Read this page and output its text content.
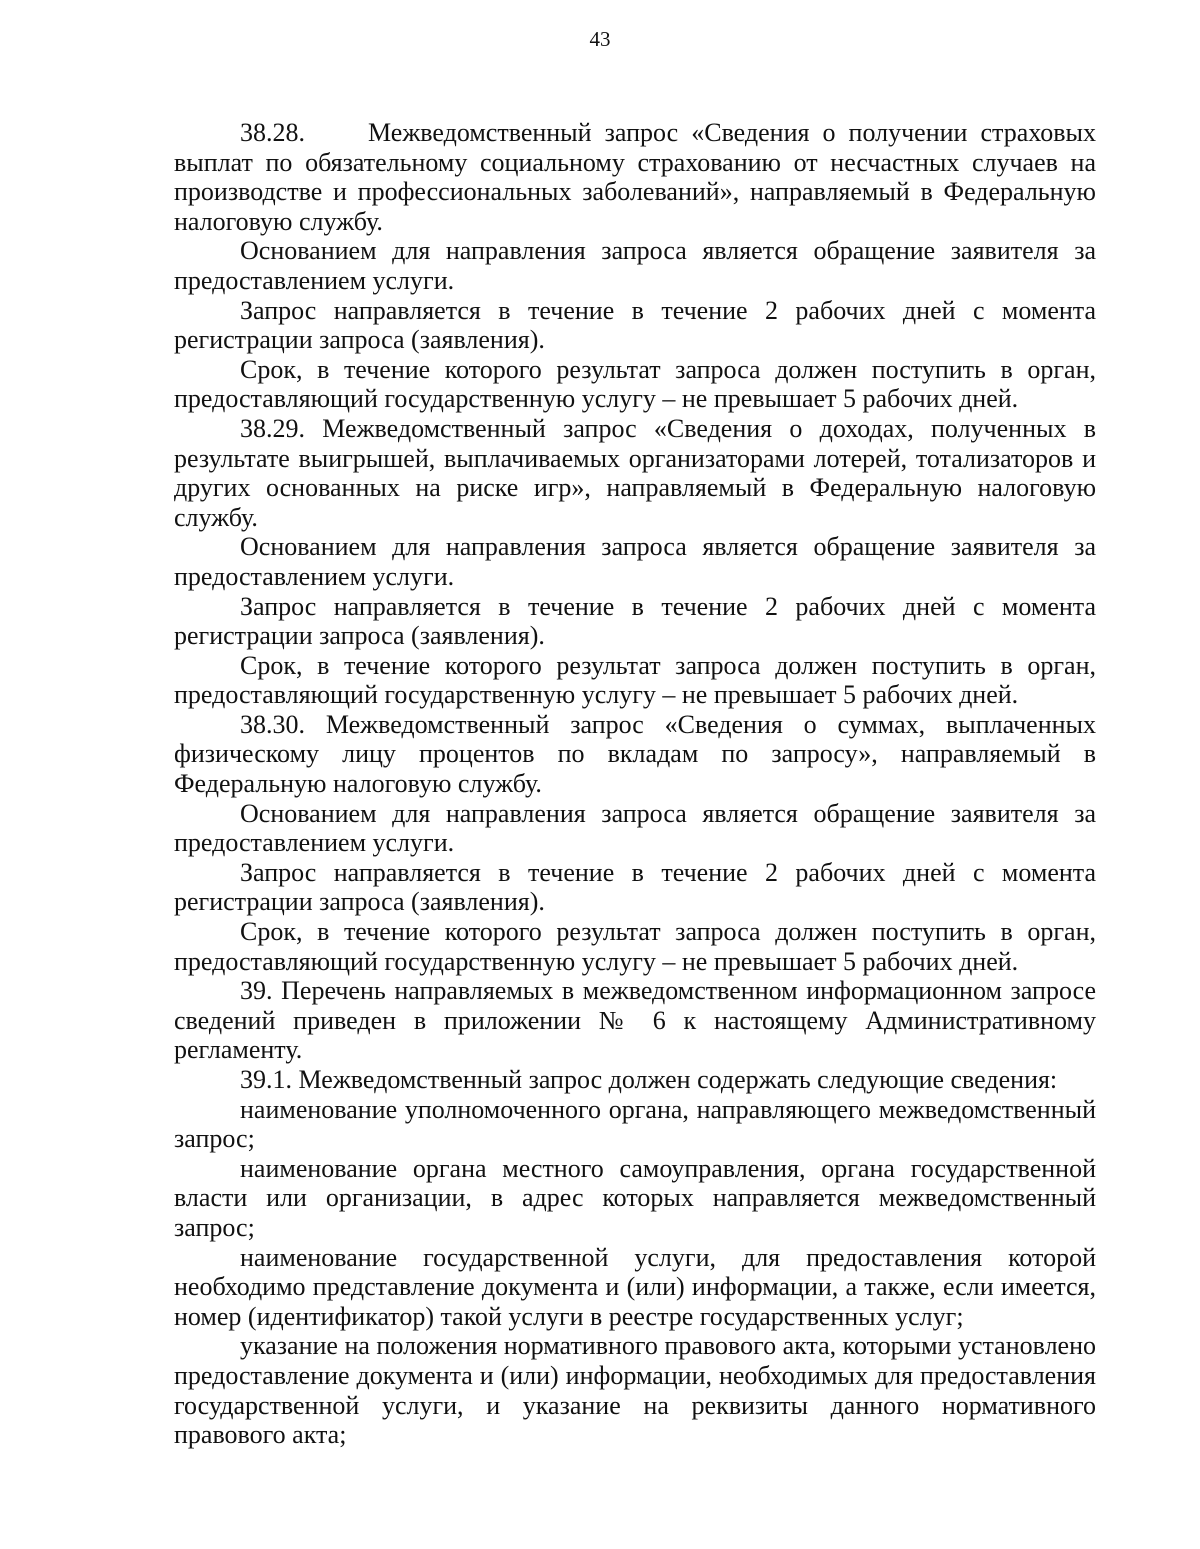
43

38.28. Межведомственный запрос «Сведения о получении страховых выплат по обязательному социальному страхованию от несчастных случаев на производстве и профессиональных заболеваний», направляемый в Федеральную налоговую службу.

Основанием для направления запроса является обращение заявителя за предоставлением услуги.

Запрос направляется в течение в течение 2 рабочих дней с момента регистрации запроса (заявления).

Срок, в течение которого результат запроса должен поступить в орган, предоставляющий государственную услугу – не превышает 5 рабочих дней.

38.29. Межведомственный запрос «Сведения о доходах, полученных в результате выигрышей, выплачиваемых организаторами лотерей, тотализаторов и других основанных на риске игр», направляемый в Федеральную налоговую службу.

Основанием для направления запроса является обращение заявителя за предоставлением услуги.

Запрос направляется в течение в течение 2 рабочих дней с момента регистрации запроса (заявления).

Срок, в течение которого результат запроса должен поступить в орган, предоставляющий государственную услугу – не превышает 5 рабочих дней.

38.30. Межведомственный запрос «Сведения о суммах, выплаченных физическому лицу процентов по вкладам по запросу», направляемый в Федеральную налоговую службу.

Основанием для направления запроса является обращение заявителя за предоставлением услуги.

Запрос направляется в течение в течение 2 рабочих дней с момента регистрации запроса (заявления).

Срок, в течение которого результат запроса должен поступить в орган, предоставляющий государственную услугу – не превышает 5 рабочих дней.

39. Перечень направляемых в межведомственном информационном запросе сведений приведен в приложении № 6 к настоящему Административному регламенту.

39.1. Межведомственный запрос должен содержать следующие сведения:

наименование уполномоченного органа, направляющего межведомственный запрос;

наименование органа местного самоуправления, органа государственной власти или организации, в адрес которых направляется межведомственный запрос;

наименование государственной услуги, для предоставления которой необходимо представление документа и (или) информации, а также, если имеется, номер (идентификатор) такой услуги в реестре государственных услуг;

указание на положения нормативного правового акта, которыми установлено предоставление документа и (или) информации, необходимых для предоставления государственной услуги, и указание на реквизиты данного нормативного правового акта;
